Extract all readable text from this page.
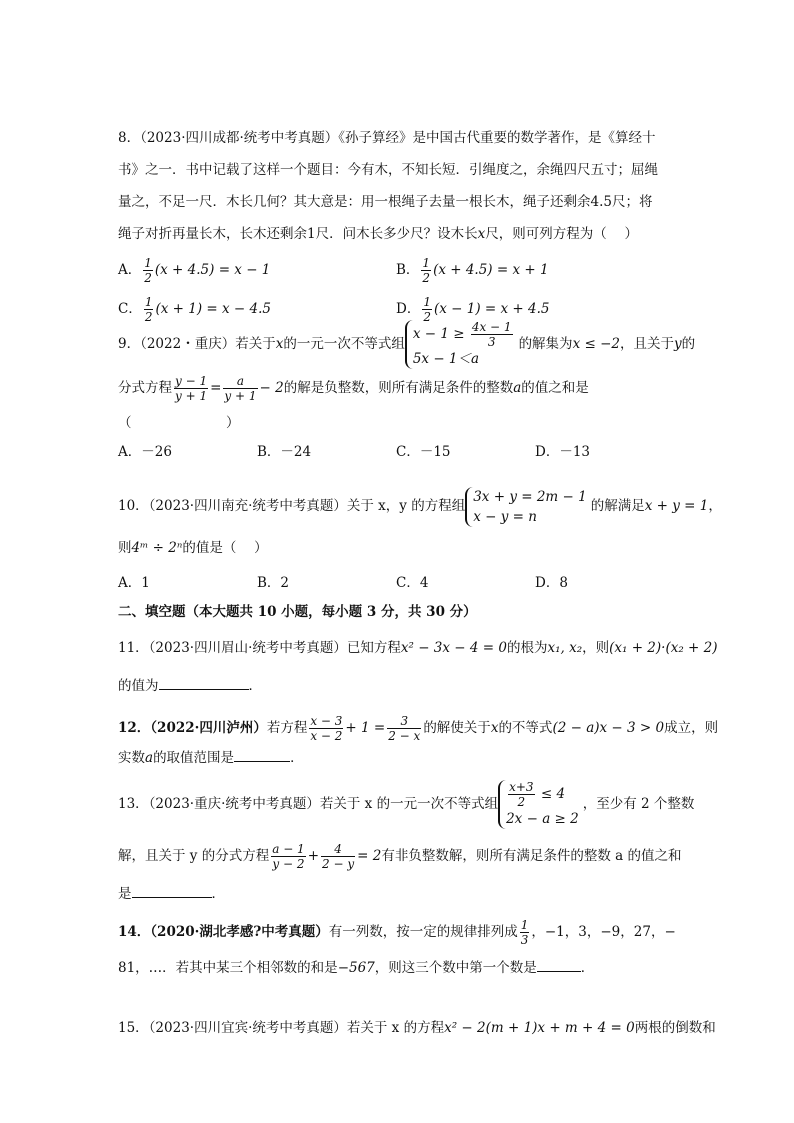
8．（2023·四川成都·统考中考真题）《孙子算经》是中国古代重要的数学著作，是《算经十
书》之一．书中记载了这样一个题目：今有木，不知长短．引绳度之，余绳四尺五寸；屈绳
量之，不足一尺．木长几何？其大意是：用一根绳子去量一根长木，绳子还剩余4.5尺；将
绳子对折再量长木，长木还剩余1尺．问木长多少尺？设木长x尺，则可列方程为（　 ）
A． $\frac{1}{2} (x + 4.5) = x - 1$	B． $\frac{1}{2} (x + 4.5) = x + 1$
C． $\frac{1}{2} (x + 1) = x - 4.5$	D． $\frac{1}{2} (x - 1) = x + 4.5$
9．（2022・重庆）若关于x的一元一次不等式组
$x - 1 \ge \frac{4x - 1}{3}$
5x − 1＜a
的解集为x ≤ −2，且关于y的
分式方程 $\frac{y - 1}{y + 1} = \frac{a}{y + 1} - 2$的解是负整数，则所有满足条件的整数a的值之和是
（　　　　　　　）
A．－26	B．－24	C．－15	D．－13
10．（2023·四川南充·统考中考真题）关于 x，y 的方程组
3x + y = 2m − 1
x − y = n
的解满足x + y = 1，
则4ᵐ ÷ 2ⁿ的值是（　 ）
A．1	B．2	C．4	D．8
二、填空题（本大题共 10 小题，每小题 3 分，共 30 分）
11．（2023·四川眉山·统考中考真题）已知方程x² − 3x − 4 = 0的根为x₁, x₂，则(x₁ + 2)·(x₂ + 2)
的值为	．
12．（2022·四川泸州）若方程 $\frac{x - 3}{x - 2} + 1 = \frac{3}{2 - x}$ 的解使关于x的不等式(2 − a)x − 3 > 0成立，则
实数a的取值范围是	．
13．（2023·重庆·统考中考真题）若关于 x 的一元一次不等式组 $\frac{x+3}{2} \le 4$
2x − a ≥ 2
，至少有 2 个整数
解，且关于 y 的分式方程 $\frac{a - 1}{y - 2} + \frac{4}{2 - y} = 2$有非负整数解，则所有满足条件的整数 a 的值之和
是	．
14．（2020·湖北孝感?中考真题）有一列数，按一定的规律排列成 $\frac{1}{3}$ ，−1，3，−9，27，−
81，…．若其中某三个相邻数的和是−567，则这三个数中第一个数是	．
15．（2023·四川宜宾·统考中考真题）若关于 x 的方程x² − 2(m + 1)x + m + 4 = 0两根的倒数和
